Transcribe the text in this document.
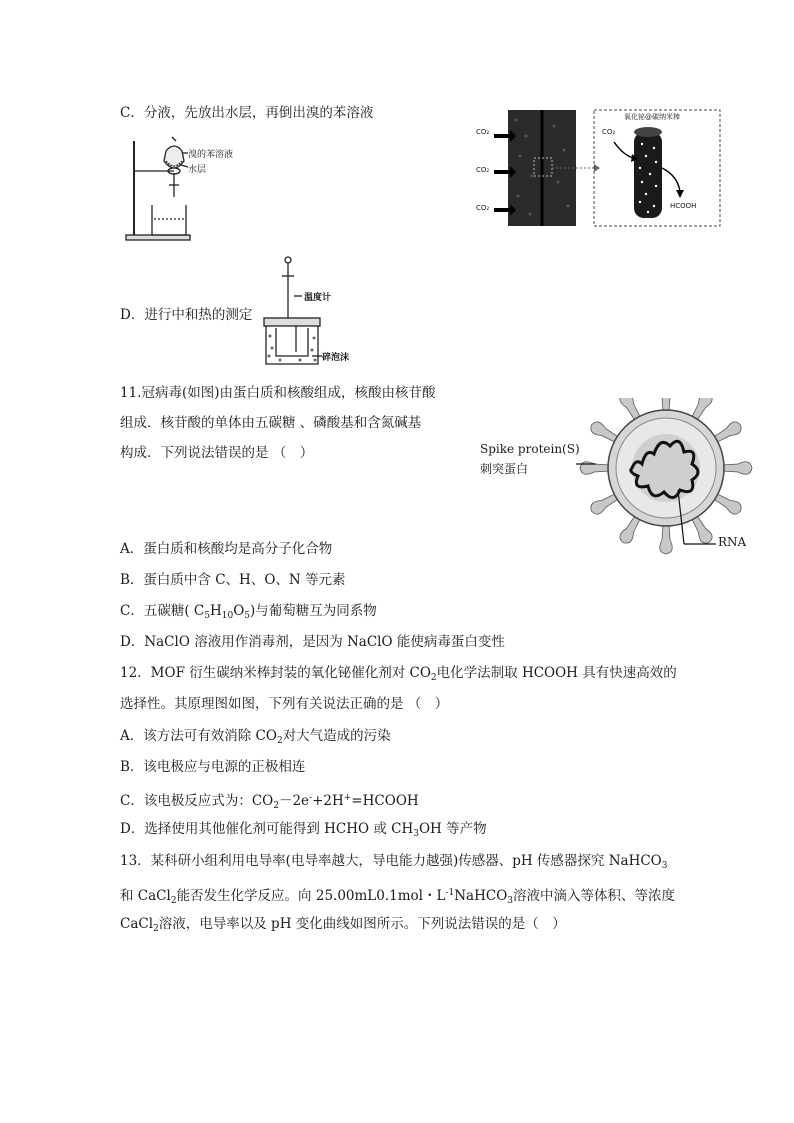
C．分液，先放出水层，再倒出溴的苯溶液
溴的苯溶液
水层
CO₂
CO₂
CO₂
氧化铋@碳纳米棒
CO₂
HCOOH
D．进行中和热的测定
温度计
碎泡沫
11.冠病毒(如图)由蛋白质和核酸组成，核酸由核苷酸
组成．核苷酸的单体由五碳糖 、磷酸基和含氮碱基
构成．下列说法错误的是 （　）	Spike protein(S)
刺突蛋白
RNA
A．蛋白质和核酸均是高分子化合物
B．蛋白质中含 C、H、O、N 等元素
C．五碳糖( $C_5H_{10}O_5$)与葡萄糖互为同系物
D．NaClO 溶液用作消毒剂，是因为 NaClO 能使病毒蛋白变性
12．MOF 衍生碳纳米棒封装的氧化铋催化剂对 $CO_2$电化学法制取 HCOOH 具有快速高效的
选择性。其原理图如图，下列有关说法正确的是 （　）
A．该方法可有效消除 $CO_2$对大气造成的污染
B．该电极应与电源的正极相连
C．该电极反应式为：$CO_2-2e^-+2H^+=HCOOH$
D．选择使用其他催化剂可能得到 HCHO 或 $CH_3OH$ 等产物
13．某科研小组利用电导率(电导率越大，导电能力越强)传感器、pH 传感器探究 NaHCO$_3$
和 CaCl$_2$能否发生化学反应。向 25.00mL0.1mol・$L^{-1}NaHCO_3$溶液中滴入等体积、等浓度
CaCl$_2$溶液，电导率以及 pH 变化曲线如图所示。下列说法错误的是（　）
